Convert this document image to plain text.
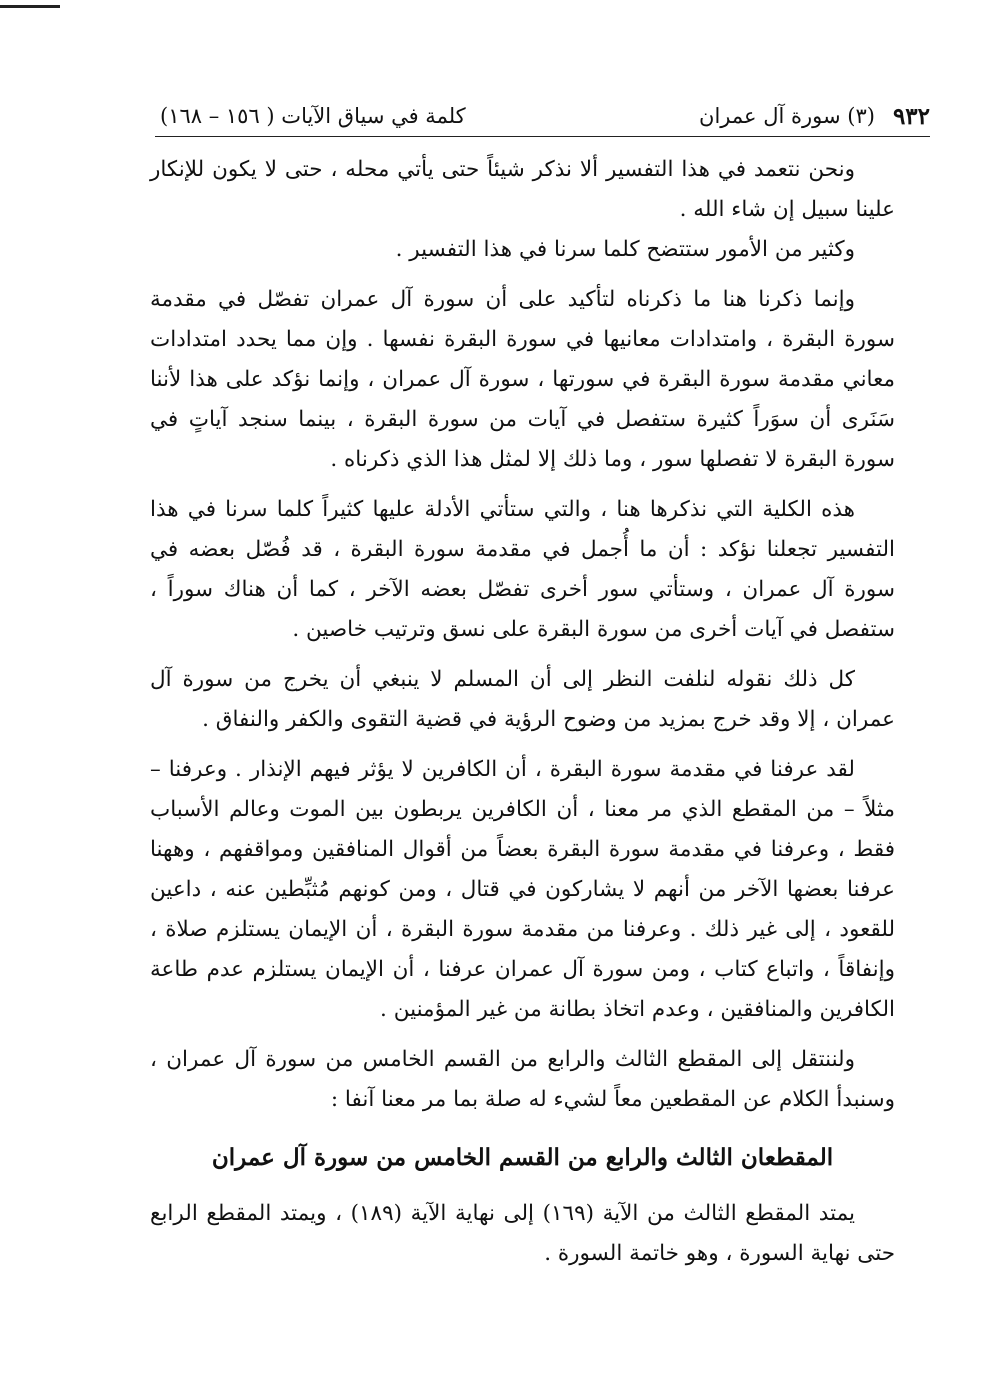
٩٣٢
(٣) سورة آل عمران
كلمة في سياق الآيات ( ١٥٦ – ١٦٨)

ونحن نتعمد في هذا التفسير ألا نذكر شيئاً حتى يأتي محله ، حتى لا يكون للإنكار علينا سبيل إن شاء الله .

وكثير من الأمور ستتضح كلما سرنا في هذا التفسير .

وإنما ذكرنا هنا ما ذكرناه لتأكيد على أن سورة آل عمران تفصّل في مقدمة سورة البقرة ، وامتدادات معانيها في سورة البقرة نفسها . وإن مما يحدد امتدادات معاني مقدمة سورة البقرة في سورتها ، سورة آل عمران ، وإنما نؤكد على هذا لأننا سَنَرى أن سوَراً كثيرة ستفصل في آيات من سورة البقرة ، بينما سنجد آياتٍ في سورة البقرة لا تفصلها سور ، وما ذلك إلا لمثل هذا الذي ذكرناه .

هذه الكلية التي نذكرها هنا ، والتي ستأتي الأدلة عليها كثيراً كلما سرنا في هذا التفسير تجعلنا نؤكد : أن ما أُجمل في مقدمة سورة البقرة ، قد فُصّل بعضه في سورة آل عمران ، وستأتي سور أخرى تفصّل بعضه الآخر ، كما أن هناك سوراً ، ستفصل في آيات أخرى من سورة البقرة على نسق وترتيب خاصين .

كل ذلك نقوله لنلفت النظر إلى أن المسلم لا ينبغي أن يخرج من سورة آل عمران ، إلا وقد خرج بمزيد من وضوح الرؤية في قضية التقوى والكفر والنفاق .

لقد عرفنا في مقدمة سورة البقرة ، أن الكافرين لا يؤثر فيهم الإنذار . وعرفنا – مثلاً – من المقطع الذي مر معنا ، أن الكافرين يربطون بين الموت وعالم الأسباب فقط ، وعرفنا في مقدمة سورة البقرة بعضاً من أقوال المنافقين ومواقفهم ، وههنا عرفنا بعضها الآخر من أنهم لا يشاركون في قتال ، ومن كونهم مُثبِّطين عنه ، داعين للقعود ، إلى غير ذلك . وعرفنا من مقدمة سورة البقرة ، أن الإيمان يستلزم صلاة ، وإنفاقاً ، واتباع كتاب ، ومن سورة آل عمران عرفنا ، أن الإيمان يستلزم عدم طاعة الكافرين والمنافقين ، وعدم اتخاذ بطانة من غير المؤمنين .

ولننتقل إلى المقطع الثالث والرابع من القسم الخامس من سورة آل عمران ، وسنبدأ الكلام عن المقطعين معاً لشيء له صلة بما مر معنا آنفا :

المقطعان الثالث والرابع من القسم الخامس من سورة آل عمران

يمتد المقطع الثالث من الآية (١٦٩) إلى نهاية الآية (١٨٩) ، ويمتد المقطع الرابع حتى نهاية السورة ، وهو خاتمة السورة .
